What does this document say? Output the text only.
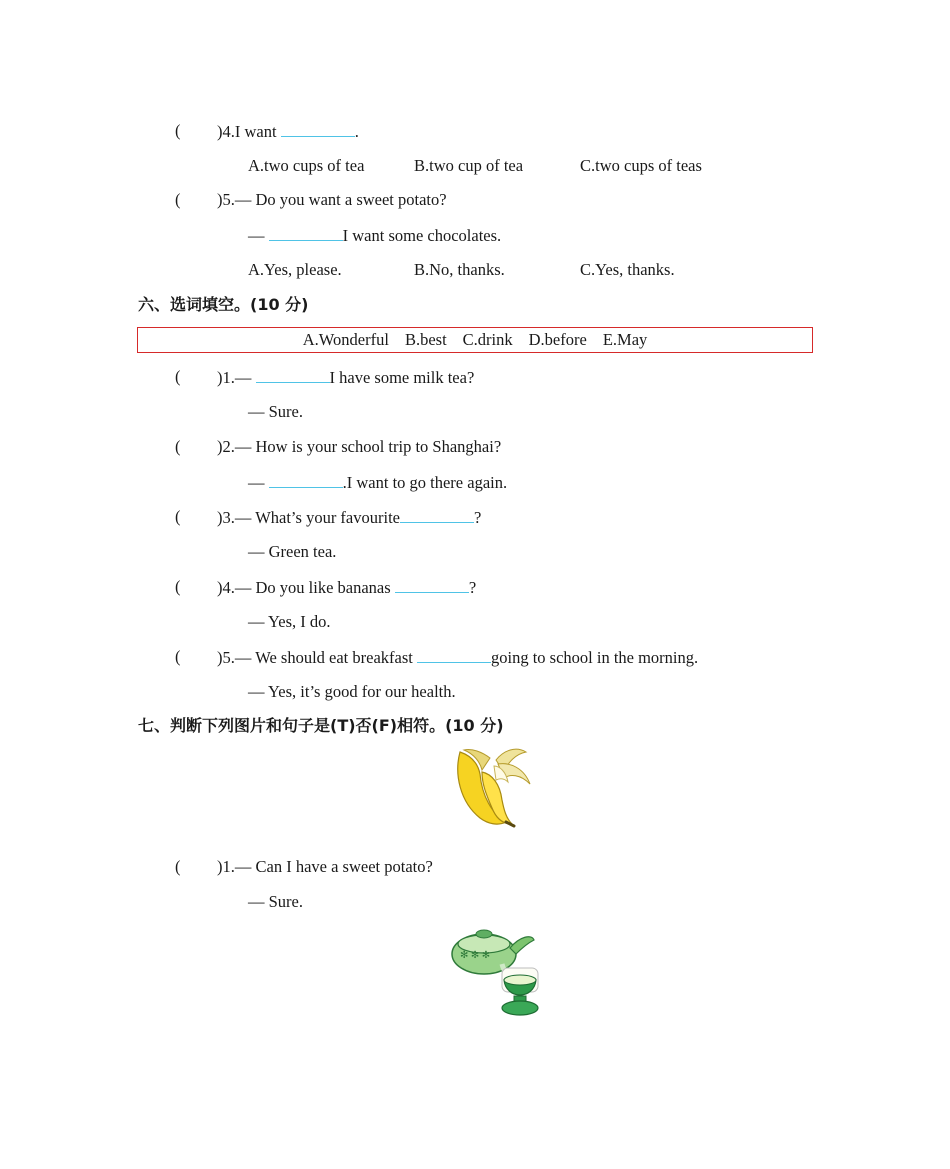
( )4.I want	.
A.two cups of tea	B.two cup of tea	C.two cups of teas
( )5.— Do you want a sweet potato?
—	I want some chocolates.
A.Yes, please.	B.No, thanks.	C.Yes, thanks.
六、选词填空。(10 分)
A.Wonderful B.best C.drink D.before E.May
( )1.—	I have some milk tea?
— Sure.
( )2.— How is your school trip to Shanghai?
—	.I want to go there again.
( )3.— What’s your favourite	?
— Green tea.
( )4.— Do you like bananas	?
— Yes, I do.
( )5.— We should eat breakfast	going to school in the morning.
— Yes, it’s good for our health.
七、判断下列图片和句子是(T)否(F)相符。(10 分)
( )1.— Can I have a sweet potato?
— Sure.
✻ ✻ ✻
